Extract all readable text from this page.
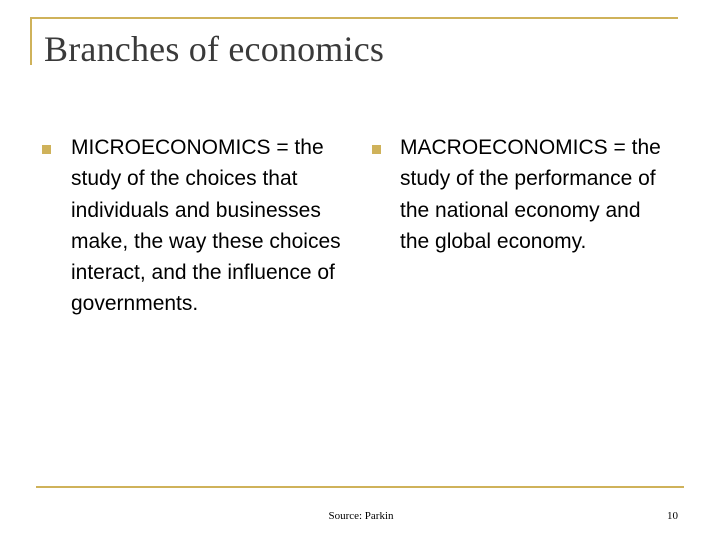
Branches of economics
MICROECONOMICS = the study of the choices that individuals and businesses make, the way these choices interact, and the influence of governments.
MACROECONOMICS = the study of the performance of the national economy and the global economy.
Source: Parkin	10
